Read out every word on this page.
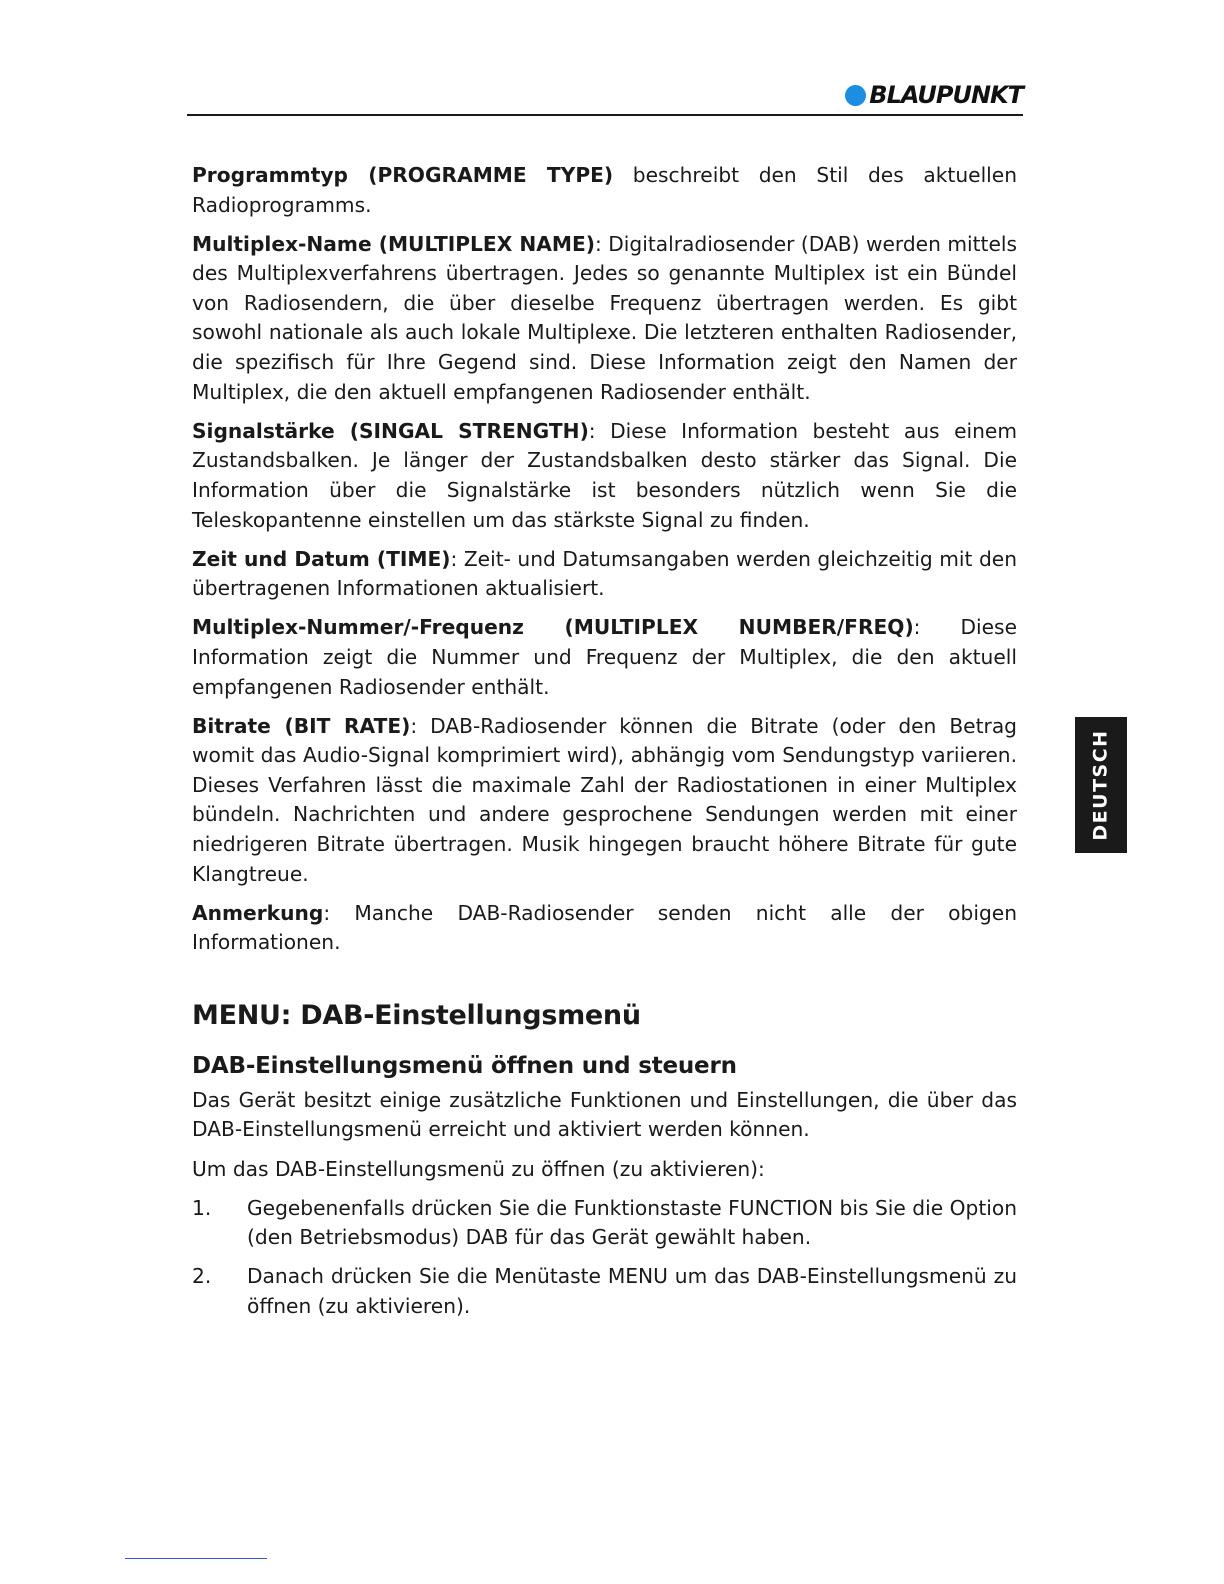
BLAUPUNKT

Programmtyp (PROGRAMME TYPE) beschreibt den Stil des aktuellen Radioprogramms.

Multiplex-Name (MULTIPLEX NAME): Digitalradiosender (DAB) werden mittels des Multiplexverfahrens übertragen. Jedes so genannte Multiplex ist ein Bündel von Radiosendern, die über dieselbe Frequenz übertragen werden. Es gibt sowohl nationale als auch lokale Multiplexe. Die letzteren enthalten Radiosender, die spezifisch für Ihre Gegend sind. Diese Information zeigt den Namen der Multiplex, die den aktuell empfangenen Radiosender enthält.

Signalstärke (SINGAL STRENGTH): Diese Information besteht aus einem Zustandsbalken. Je länger der Zustandsbalken desto stärker das Signal. Die Information über die Signalstärke ist besonders nützlich wenn Sie die Teleskopantenne einstellen um das stärkste Signal zu finden.

Zeit und Datum (TIME): Zeit- und Datumsangaben werden gleichzeitig mit den übertragenen Informationen aktualisiert.

Multiplex-Nummer/-Frequenz (MULTIPLEX NUMBER/FREQ): Diese Information zeigt die Nummer und Frequenz der Multiplex, die den aktuell empfangenen Radiosender enthält.

Bitrate (BIT RATE): DAB-Radiosender können die Bitrate (oder den Betrag womit das Audio-Signal komprimiert wird), abhängig vom Sendungstyp variieren. Dieses Verfahren lässt die maximale Zahl der Radiostationen in einer Multiplex bündeln. Nachrichten und andere gesprochene Sendungen werden mit einer niedrigeren Bitrate übertragen. Musik hingegen braucht höhere Bitrate für gute Klangtreue.

Anmerkung: Manche DAB-Radiosender senden nicht alle der obigen Informationen.

MENU: DAB-Einstellungsmenü
DAB-Einstellungsmenü öffnen und steuern

Das Gerät besitzt einige zusätzliche Funktionen und Einstellungen, die über das DAB-Einstellungsmenü erreicht und aktiviert werden können.

Um das DAB-Einstellungsmenü zu öffnen (zu aktivieren):

1.	Gegebenenfalls drücken Sie die Funktionstaste FUNCTION bis Sie die Option (den Betriebsmodus) DAB für das Gerät gewählt haben.
2.	Danach drücken Sie die Menütaste MENU um das DAB-Einstellungsmenü zu öffnen (zu aktivieren).
DEUTSCH
